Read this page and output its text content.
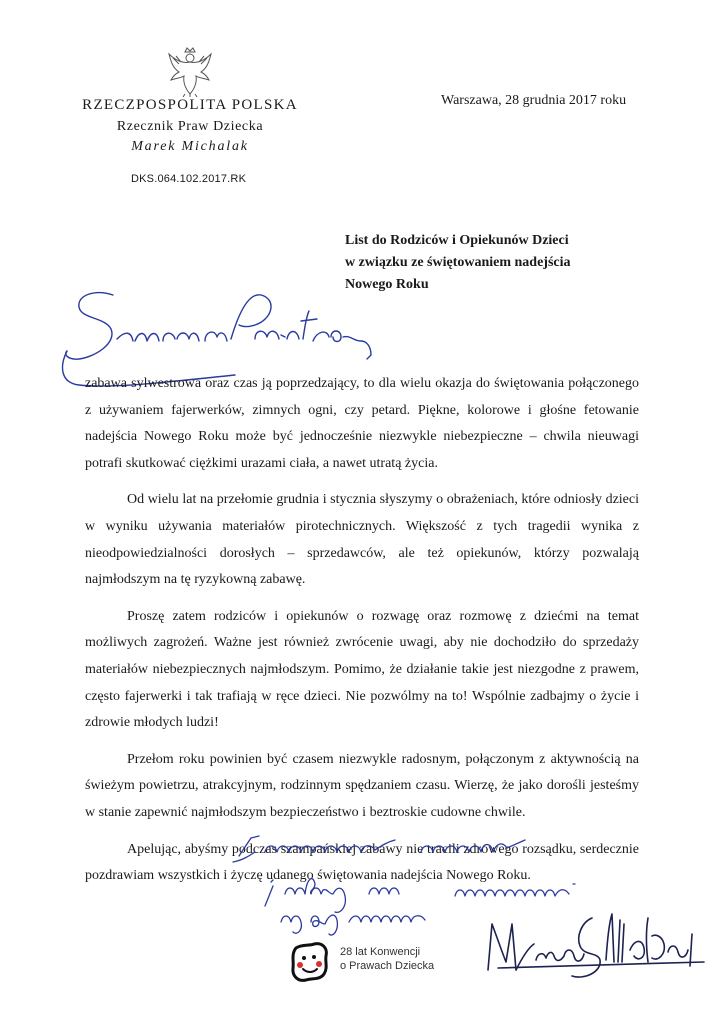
RZECZPOSPOLITA POLSKA
Rzecznik Praw Dziecka
Marek Michalak
DKS.064.102.2017.RK
Warszawa, 28 grudnia 2017 roku
List do Rodziców i Opiekunów Dzieci
w związku ze świętowaniem nadejścia
Nowego Roku

zabawa sylwestrowa oraz czas ją poprzedzający, to dla wielu okazja do świętowania połączonego z używaniem fajerwerków, zimnych ogni, czy petard. Piękne, kolorowe i głośne fetowanie nadejścia Nowego Roku może być jednocześnie niezwykle niebezpieczne – chwila nieuwagi potrafi skutkować ciężkimi urazami ciała, a nawet utratą życia.

Od wielu lat na przełomie grudnia i stycznia słyszymy o obrażeniach, które odniosły dzieci w wyniku używania materiałów pirotechnicznych. Większość z tych tragedii wynika z nieodpowiedzialności dorosłych – sprzedawców, ale też opiekunów, którzy pozwalają najmłodszym na tę ryzykowną zabawę.

Proszę zatem rodziców i opiekunów o rozwagę oraz rozmowę z dziećmi na temat możliwych zagrożeń. Ważne jest również zwrócenie uwagi, aby nie dochodziło do sprzedaży materiałów niebezpiecznych najmłodszym. Pomimo, że działanie takie jest niezgodne z prawem, często fajerwerki i tak trafiają w ręce dzieci. Nie pozwólmy na to! Wspólnie zadbajmy o życie i zdrowie młodych ludzi!

Przełom roku powinien być czasem niezwykle radosnym, połączonym z aktywnością na świeżym powietrzu, atrakcyjnym, rodzinnym spędzaniem czasu. Wierzę, że jako dorośli jesteśmy w stanie zapewnić najmłodszym bezpieczeństwo i beztroskie cudowne chwile.

Apelując, abyśmy podczas szampańskiej zabawy nie tracili zdrowego rozsądku, serdecznie pozdrawiam wszystkich i życzę udanego świętowania nadejścia Nowego Roku.

28 lat Konwencji
o Prawach Dziecka
